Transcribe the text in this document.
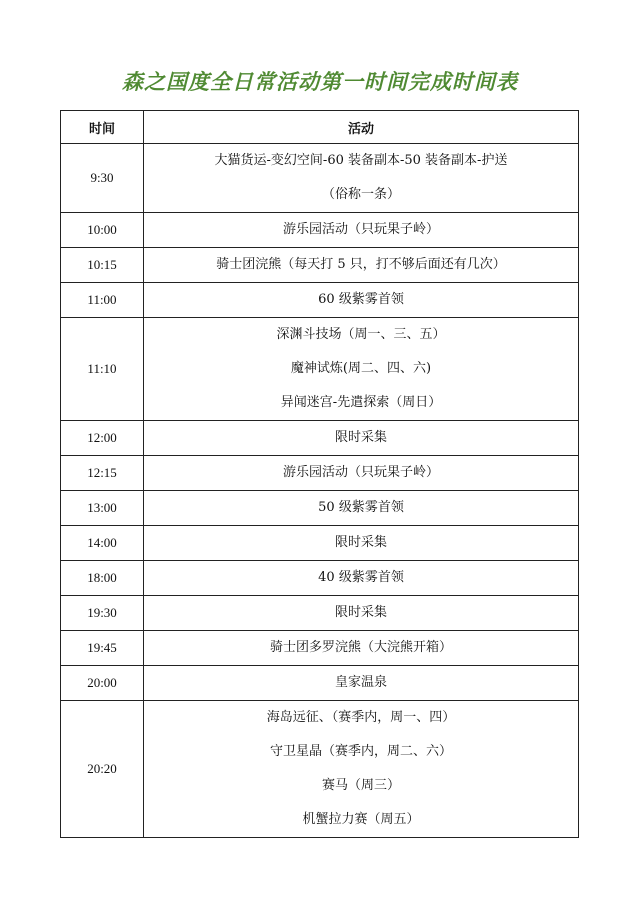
森之国度全日常活动第一时间完成时间表
时间	活动
9:30	大猫货运-变幻空间-60 装备副本-50 装备副本-护送
（俗称一条）

10:00	游乐园活动（只玩果子岭）

10:15	骑士团浣熊（每天打 5 只，打不够后面还有几次）

11:00	60 级紫雾首领

11:10	深渊斗技场（周一、三、五）
魔神试炼(周二、四、六)
异闻迷宫-先遣探索（周日）

12:00	限时采集

12:15	游乐园活动（只玩果子岭）

13:00	50 级紫雾首领

14:00	限时采集

18:00	40 级紫雾首领

19:30	限时采集

19:45	骑士团多罗浣熊（大浣熊开箱）

20:00	皇家温泉

20:20	海岛远征、（赛季内，周一、四）
守卫星晶（赛季内，周二、六）
赛马（周三）
机蟹拉力赛（周五）
